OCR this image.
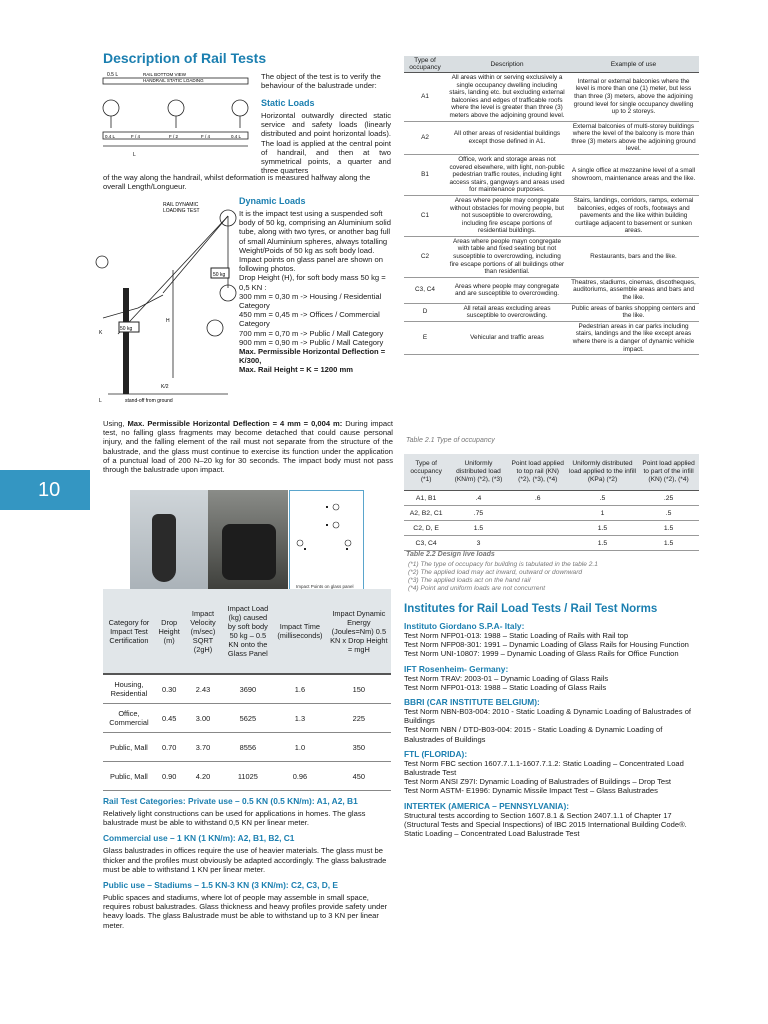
Description of Rail Tests
0.5 L	RAIL BOTTOM VIEW
HANDRAIL STATIC LOADING
0.4 L	F / 4	F / 2	F / 4	0.4 L
L
The object of the test is to verify the behaviour of the balustrade under:
Static Loads
Horizontal outwardly directed static service and safety loads (linearly distributed and point horizontal loads). The load is applied at the central point of handrail, and then at two symmetrical points, a quarter and three quarters
of the way along the handrail, whilst deformation is measured halfway along the overall Length/Longueur.
RAIL DYNAMIC
LOADING TEST
50 kg
50 kg
H
K
K/2
L	stand-off from ground
Dynamic Loads
It is the impact test using a suspended soft body of 50 kg, comprising an Aluminium solid tube, along with two tyres, or another bag full of small Aluminium spheres, always totalling Weight/Poids of 50 kg as soft body load. Impact points on glass panel are shown on following photos.
Drop Height (H), for soft body mass 50 kg = 0,5 KN :
300 mm = 0,30 m -> Housing / Residential Category
450 mm = 0,45 m -> Offices / Commercial Category
700 mm = 0,70 m -> Public / Mall Category
900 mm = 0,90 m -> Public / Mall Category
Max. Permissible Horizontal Deflection = K/300,
Max. Rail Height = K = 1200 mm
Using, Max. Permissible Horizontal Deflection = 4 mm = 0,004 m: During impact test, no falling glass fragments may become detached that could cause personal injury, and the falling element of the rail must not separate from the structure of the balustrade, and the glass must continue to exercise its function under the application of a punctual load of 200 N–20 kg for 30 seconds. The impact body must not pass through the balustrade upon impact.
10
Impact Points on glass panel
Category for Impact Test Certification	Drop Height (m)	Impact Velocity (m/sec) SQRT (2gH)	Impact Load (kg) caused by soft body 50 kg – 0.5 KN onto the Glass Panel	Impact Time (milliseconds)	Impact Dynamic Energy (Joules=Nm) 0.5 KN x Drop Height = mgH
Housing, Residential	0.30	2.43	3690	1.6	150
Office, Commercial	0.45	3.00	5625	1.3	225
Public, Mall	0.70	3.70	8556	1.0	350
Public, Mall	0.90	4.20	11025	0.96	450
Rail Test Categories: Private use – 0.5 KN (0.5 KN/m): A1, A2, B1
Relatively light constructions can be used for applications in homes. The glass balustrade must be able to withstand 0,5 KN per linear meter.
Commercial use – 1 KN (1 KN/m): A2, B1, B2, C1
Glass balustrades in offices require the use of heavier materials. The glass must be thicker and the profiles must obviously be adapted accordingly. The glass balustrade must be able to withstand 1 KN per linear meter.
Public use – Stadiums – 1.5 KN-3 KN (3 KN/m): C2, C3, D, E
Public spaces and stadiums, where lot of people may assemble in small space, requires robust balustrades. Glass thickness and heavy profiles provide safety under heavy loads. The glass Balustrade must be able to withstand up to 3 KN per linear meter.
Type of occupancy	Description	Example of use
A1	All areas within or serving exclusively a single occupancy dwelling including stairs, landing etc. but excluding external balconies and edges of trafficable roofs where the level is greater than three (3) meters above the adjoining ground level.	Internal or external balconies where the level is more than one (1) meter, but less than three (3) meters, above the adjoining ground level for single occupancy dwelling up to 2 storeys.
A2	All other areas of residential buildings except those defined in A1.	External balconies of multi-storey buildings where the level of the balcony is more than three (3) meters above the adjoining ground level.
B1	Office, work and storage areas not covered elsewhere, with light, non-public pedestrian traffic routes, including light access stairs, gangways and areas used for maintenance purposes.	A single office at mezzanine level of a small showroom, maintenance areas and the like.
C1	Areas where people may congregate without obstacles for moving people, but not susceptible to overcrowding, including fire escape portions of residential buildings.	Stairs, landings, corridors, ramps, external balconies, edges of roofs, footways and pavements and the like within building curtilage adjacent to basement or sunken areas.
C2	Areas where people mayn congregate with table and fixed seating but not susceptible to overcrowding, including fire escape portions of all buildings other than residential.	Restaurants, bars and the like.
C3, C4	Areas where people may congregate and are susceptible to overcrowding.	Theatres, stadiums, cinemas, discotheques, auditoriums, assemble areas and bars and the like.
D	All retail areas excluding areas susceptible to overcrowding.	Public areas of banks shopping centers and the like.
E	Vehicular and traffic areas	Pedestrian areas in car parks including stairs, landings and the like except areas where there is a danger of dynamic vehicle impact.
Table 2.1 Type of occupancy
Type of occupancy (*1)	Uniformly distributed load (KN/m) (*2), (*3)	Point load applied to top rail (KN) (*2), (*3), (*4)	Uniformly distributed load applied to the infill (KPa) (*2)	Point load applied to part of the infill (KN) (*2), (*4)
A1, B1	.4	.6	.5	.25
A2, B2, C1	.75		1	.5
C2, D, E	1.5		1.5	1.5
C3, C4	3		1.5	1.5
Table 2.2 Design live loads
(*1) The type of occupacy for building is tabulated in the table 2.1
(*2) The applied load may act inward, outward or downward
(*3) The applied loads act on the hand rail
(*4) Point and uniform loads are not concurrent
Institutes for Rail Load Tests / Rail Test Norms
Instituto Giordano S.P.A- Italy:
Test Norm NFP01-013: 1988 – Static Loading of Rails with Rail top
Test Norm NFP08-301: 1991 – Dynamic Loading of Glass Rails for Housing Function
Test Norm UNI-10807: 1999 – Dynamic Loading of Glass Rails for Office Function
IFT Rosenheim- Germany:
Test Norm TRAV: 2003-01 – Dynamic Loading of Glass Rails
Test Norm NFP01-013: 1988 – Static Loading of Glass Rails
BBRI (CAR INSTITUTE BELGIUM):
Test Norm NBN-B03-004: 2010 - Static Loading & Dynamic Loading of Balustrades of Buildings
Test Norm NBN / DTD-B03-004: 2015 - Static Loading & Dynamic Loading of Balustrades of Buildings
FTL (FLORIDA):
Test Norm FBC section 1607.7.1.1-1607.7.1.2: Static Loading – Concentrated Load Balustrade Test
Test Norm ANSI Z97I: Dynamic Loading of Balustrades of Buildings – Drop Test
Test Norm ASTM- E1996: Dynamic Missile Impact Test – Glass Balustrades
INTERTEK (AMERICA – PENNSYLVANIA):
Structural tests according to Section 1607.8.1 & Section 2407.1.1 of Chapter 17 (Structural Tests and Special Inspections) of IBC 2015 International Building Code®.
Static Loading – Concentrated Load Balustrade Test
